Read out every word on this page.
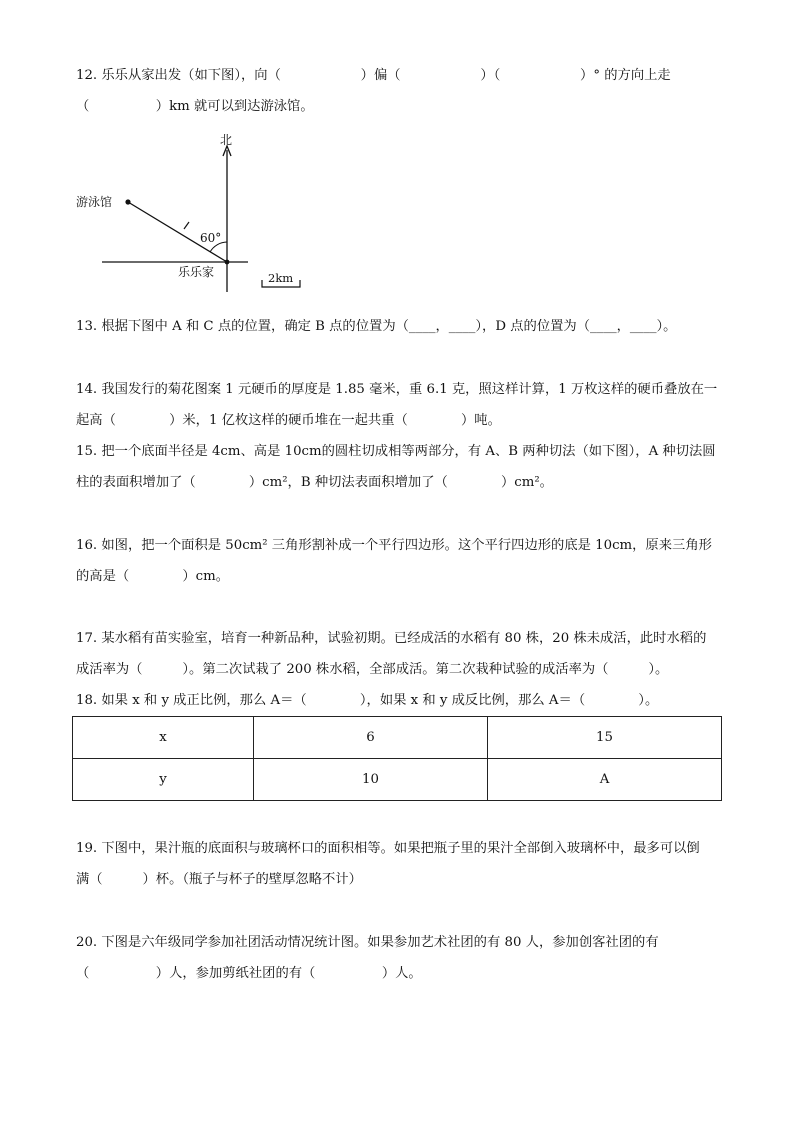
12. 乐乐从家出发（如下图），向（　　　　　　）偏（　　　　　　）（　　　　　　）° 的方向上走
（　　　　　）km 就可以到达游泳馆。
北
游泳馆
60°
乐乐家	2km
13. 根据下图中 A 和 C 点的位置，确定 B 点的位置为（____，____），D 点的位置为（____，____）。
14. 我国发行的菊花图案 1 元硬币的厚度是 1.85 毫米，重 6.1 克，照这样计算，1 万枚这样的硬币叠放在一
起高（　　　　）米，1 亿枚这样的硬币堆在一起共重（　　　　）吨。
15. 把一个底面半径是 4cm、高是 10cm的圆柱切成相等两部分，有 A、B 两种切法（如下图），A 种切法圆
柱的表面积增加了（　　　　）cm²，B 种切法表面积增加了（　　　　）cm²。
16. 如图，把一个面积是 50cm² 三角形割补成一个平行四边形。这个平行四边形的底是 10cm，原来三角形
的高是（　　　　）cm。
17. 某水稻有苗实验室，培育一种新品种，试验初期。已经成活的水稻有 80 株，20 株未成活，此时水稻的
成活率为（　　　）。第二次试栽了 200 株水稻，全部成活。第二次栽种试验的成活率为（　　　）。
18. 如果 x 和 y 成正比例，那么 A＝（　　　　），如果 x 和 y 成反比例，那么 A＝（　　　　）。
x	6	15
y	10	A
19. 下图中，果汁瓶的底面积与玻璃杯口的面积相等。如果把瓶子里的果汁全部倒入玻璃杯中，最多可以倒
满（　　　）杯。（瓶子与杯子的壁厚忽略不计）
20. 下图是六年级同学参加社团活动情况统计图。如果参加艺术社团的有 80 人，参加创客社团的有
（　　　　　）人，参加剪纸社团的有（　　　　　）人。
